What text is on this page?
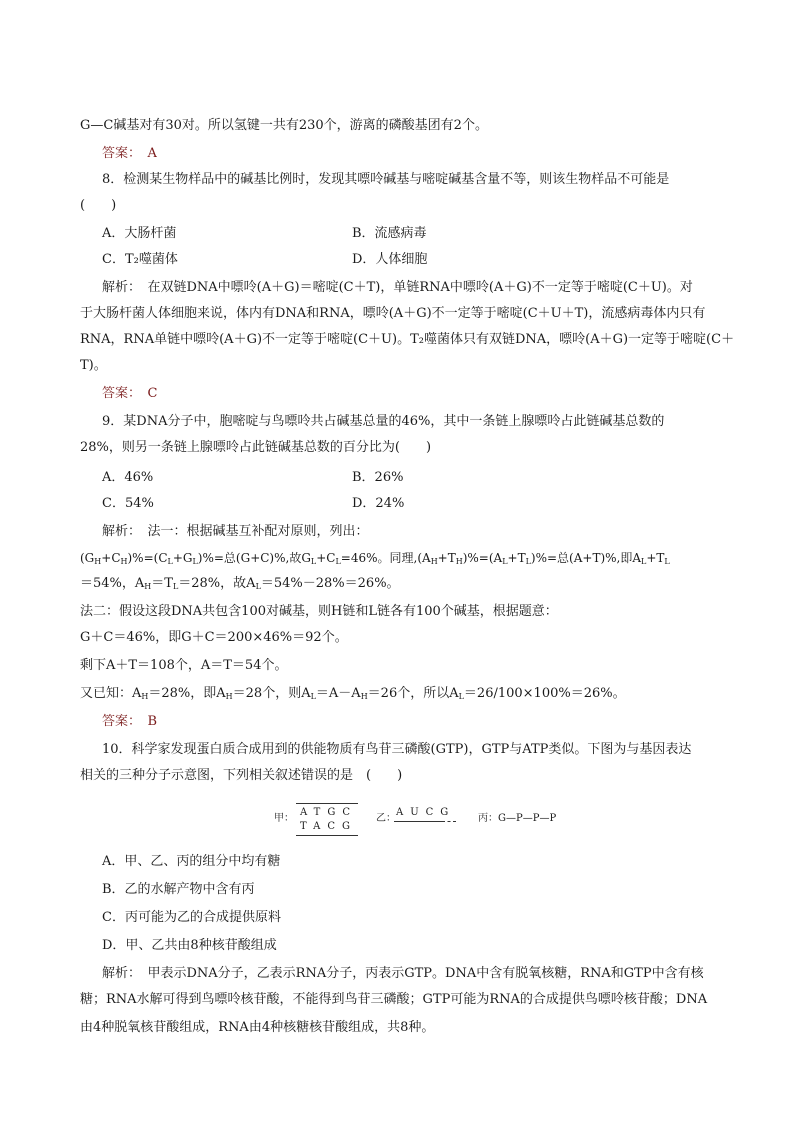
G—C碱基对有30对。所以氢键一共有230个，游离的磷酸基团有2个。
答案：　A
8．检测某生物样品中的碱基比例时，发现其嘌呤碱基与嘧啶碱基含量不等，则该生物样品不可能是
(　　)
A．大肠杆菌	B．流感病毒
C．T₂噬菌体	D．人体细胞
解析：　在双链DNA中嘌呤(A＋G)＝嘧啶(C＋T)，单链RNA中嘌呤(A＋G)不一定等于嘧啶(C＋U)。对
于大肠杆菌人体细胞来说，体内有DNA和RNA，嘌呤(A＋G)不一定等于嘧啶(C＋U＋T)，流感病毒体内只有
RNA，RNA单链中嘌呤(A＋G)不一定等于嘧啶(C＋U)。T₂噬菌体只有双链DNA，嘌呤(A＋G)一定等于嘧啶(C＋
T)。
答案：　C
9．某DNA分子中，胞嘧啶与鸟嘌呤共占碱基总量的46%，其中一条链上腺嘌呤占此链碱基总数的
28%，则另一条链上腺嘌呤占此链碱基总数的百分比为(　　)
A．46%	B．26%
C．54%	D．24%
解析：　法一：根据碱基互补配对原则，列出：
$(G_H+C_H)\%=(C_L+G_L)\%=$总(G+C)%,故$G_L+C_L=46\%$。同理$,(A_H+T_H)\%=(A_L+T_L)\%=$总(A+T)%,即$A_L+T_L$
＝54%，$A_H=T_L=28\%$，故$A_L=54\%-28\%=26\%$。
法二：假设这段DNA共包含100对碱基，则H链和L链各有100个碱基，根据题意：
G＋C＝46%，即G＋C＝200×46%＝92个。
剩下A＋T＝108个，A＝T＝54个。
又已知：$A_H=28\%$，即$A_H=28$个，则$A_L=A-A_H=26$个，所以$A_L=26/100\times 100\%=26\%$。
答案：　B
10．科学家发现蛋白质合成用到的供能物质有鸟苷三磷酸(GTP)，GTP与ATP类似。下图为与基因表达
相关的三种分子示意图，下列相关叙述错误的是　(　　)
甲：
ATGC
TACG
乙：
AUCG
丙：G—P—P—P
A．甲、乙、丙的组分中均有糖
B．乙的水解产物中含有丙
C．丙可能为乙的合成提供原料
D．甲、乙共由8种核苷酸组成
解析：　甲表示DNA分子，乙表示RNA分子，丙表示GTP。DNA中含有脱氧核糖，RNA和GTP中含有核
糖；RNA水解可得到鸟嘌呤核苷酸，不能得到鸟苷三磷酸；GTP可能为RNA的合成提供鸟嘌呤核苷酸；DNA
由4种脱氧核苷酸组成，RNA由4种核糖核苷酸组成，共8种。
